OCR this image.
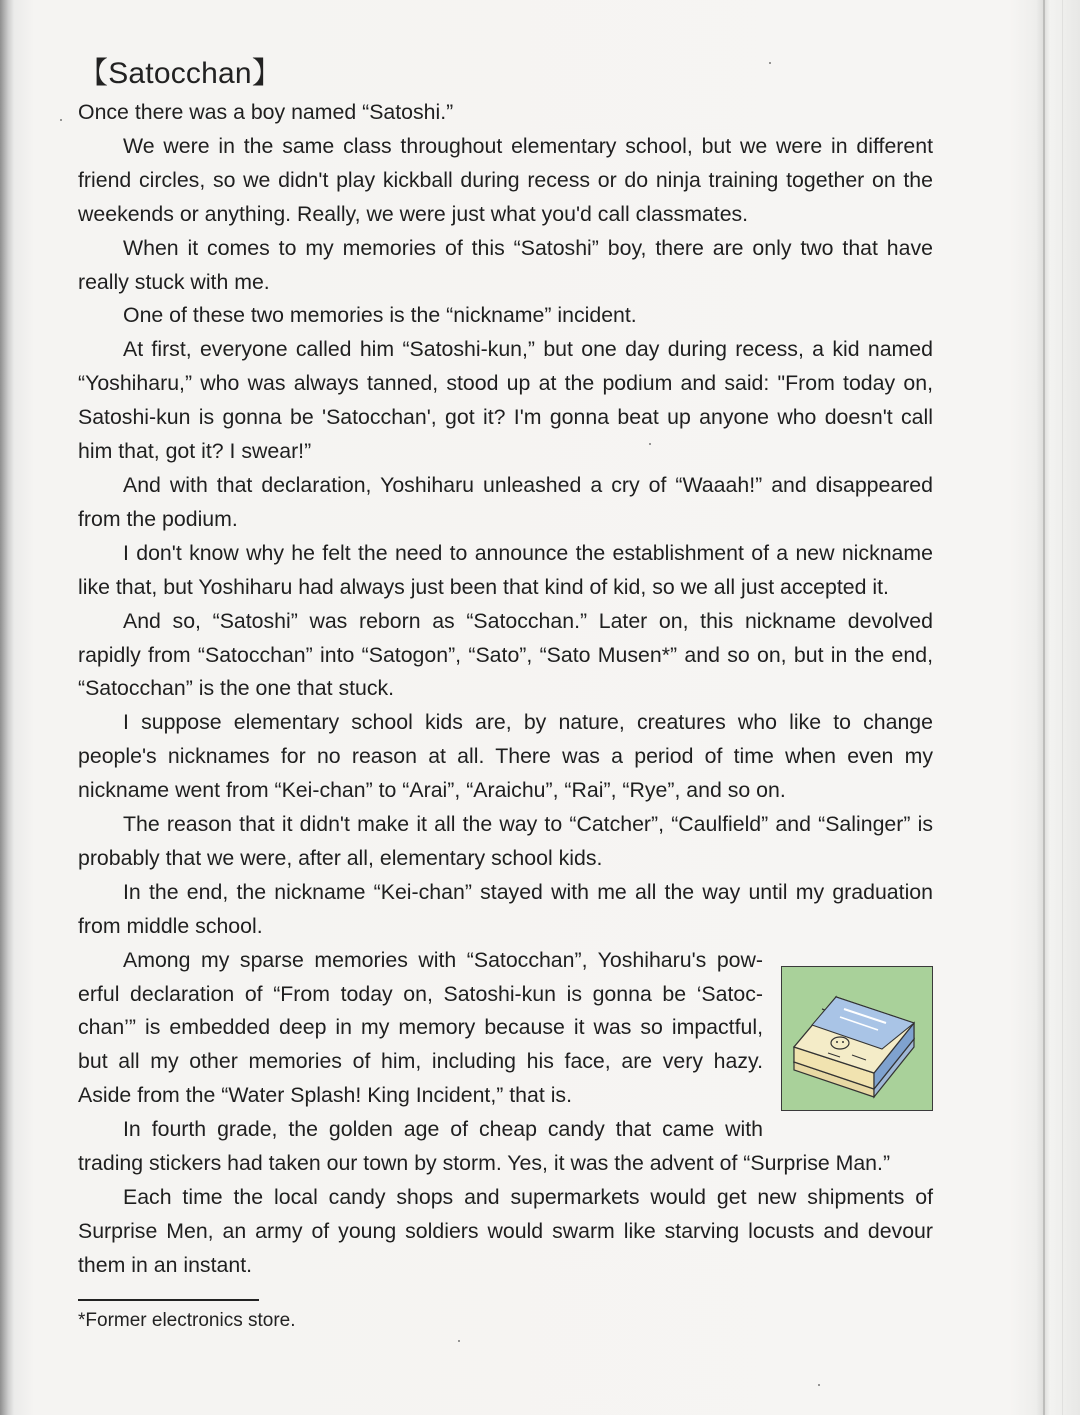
【Satocchan】

Once there was a boy named “Satoshi.”

We were in the same class throughout elementary school, but we were in different friend circles, so we didn't play kickball during recess or do ninja training together on the weekends or anything. Really, we were just what you'd call classmates.

When it comes to my memories of this “Satoshi” boy, there are only two that have really stuck with me.

One of these two memories is the “nickname” incident.

At first, everyone called him “Satoshi-kun,” but one day during recess, a kid named “Yoshiharu,” who was always tanned, stood up at the podium and said: "From today on, Satoshi-kun is gonna be 'Satocchan', got it? I'm gonna beat up anyone who doesn't call him that, got it? I swear!”

And with that declaration, Yoshiharu unleashed a cry of “Waaah!” and disappeared from the podium.

I don't know why he felt the need to announce the establishment of a new nickname like that, but Yoshiharu had always just been that kind of kid, so we all just accepted it.

And so, “Satoshi” was reborn as “Satocchan.” Later on, this nickname devolved rapidly from “Satocchan” into “Satogon”, “Sato”, “Sato Musen*” and so on, but in the end, “Satocchan” is the one that stuck.

I suppose elementary school kids are, by nature, creatures who like to change people's nicknames for no reason at all. There was a period of time when even my nickname went from “Kei-chan” to “Arai”, “Araichu”, “Rai”, “Rye”, and so on.

The reason that it didn't make it all the way to “Catcher”, “Caulfield” and “Salinger” is probably that we were, after all, elementary school kids.

In the end, the nickname “Kei-chan” stayed with me all the way until my graduation from middle school.

Among my sparse memories with “Satocchan”, Yoshiharu's pow-erful declaration of “From today on, Satoshi-kun is gonna be ‘Satoc-chan’” is embedded deep in my memory because it was so impactful, but all my other memories of him, including his face, are very hazy. Aside from the “Water Splash! King Incident,” that is.

In fourth grade, the golden age of cheap candy that came with trading stickers had taken our town by storm. Yes, it was the advent of “Surprise Man.”

Each time the local candy shops and supermarkets would get new shipments of Surprise Men, an army of young soldiers would swarm like starving locusts and devour them in an instant.

*Former electronics store.
